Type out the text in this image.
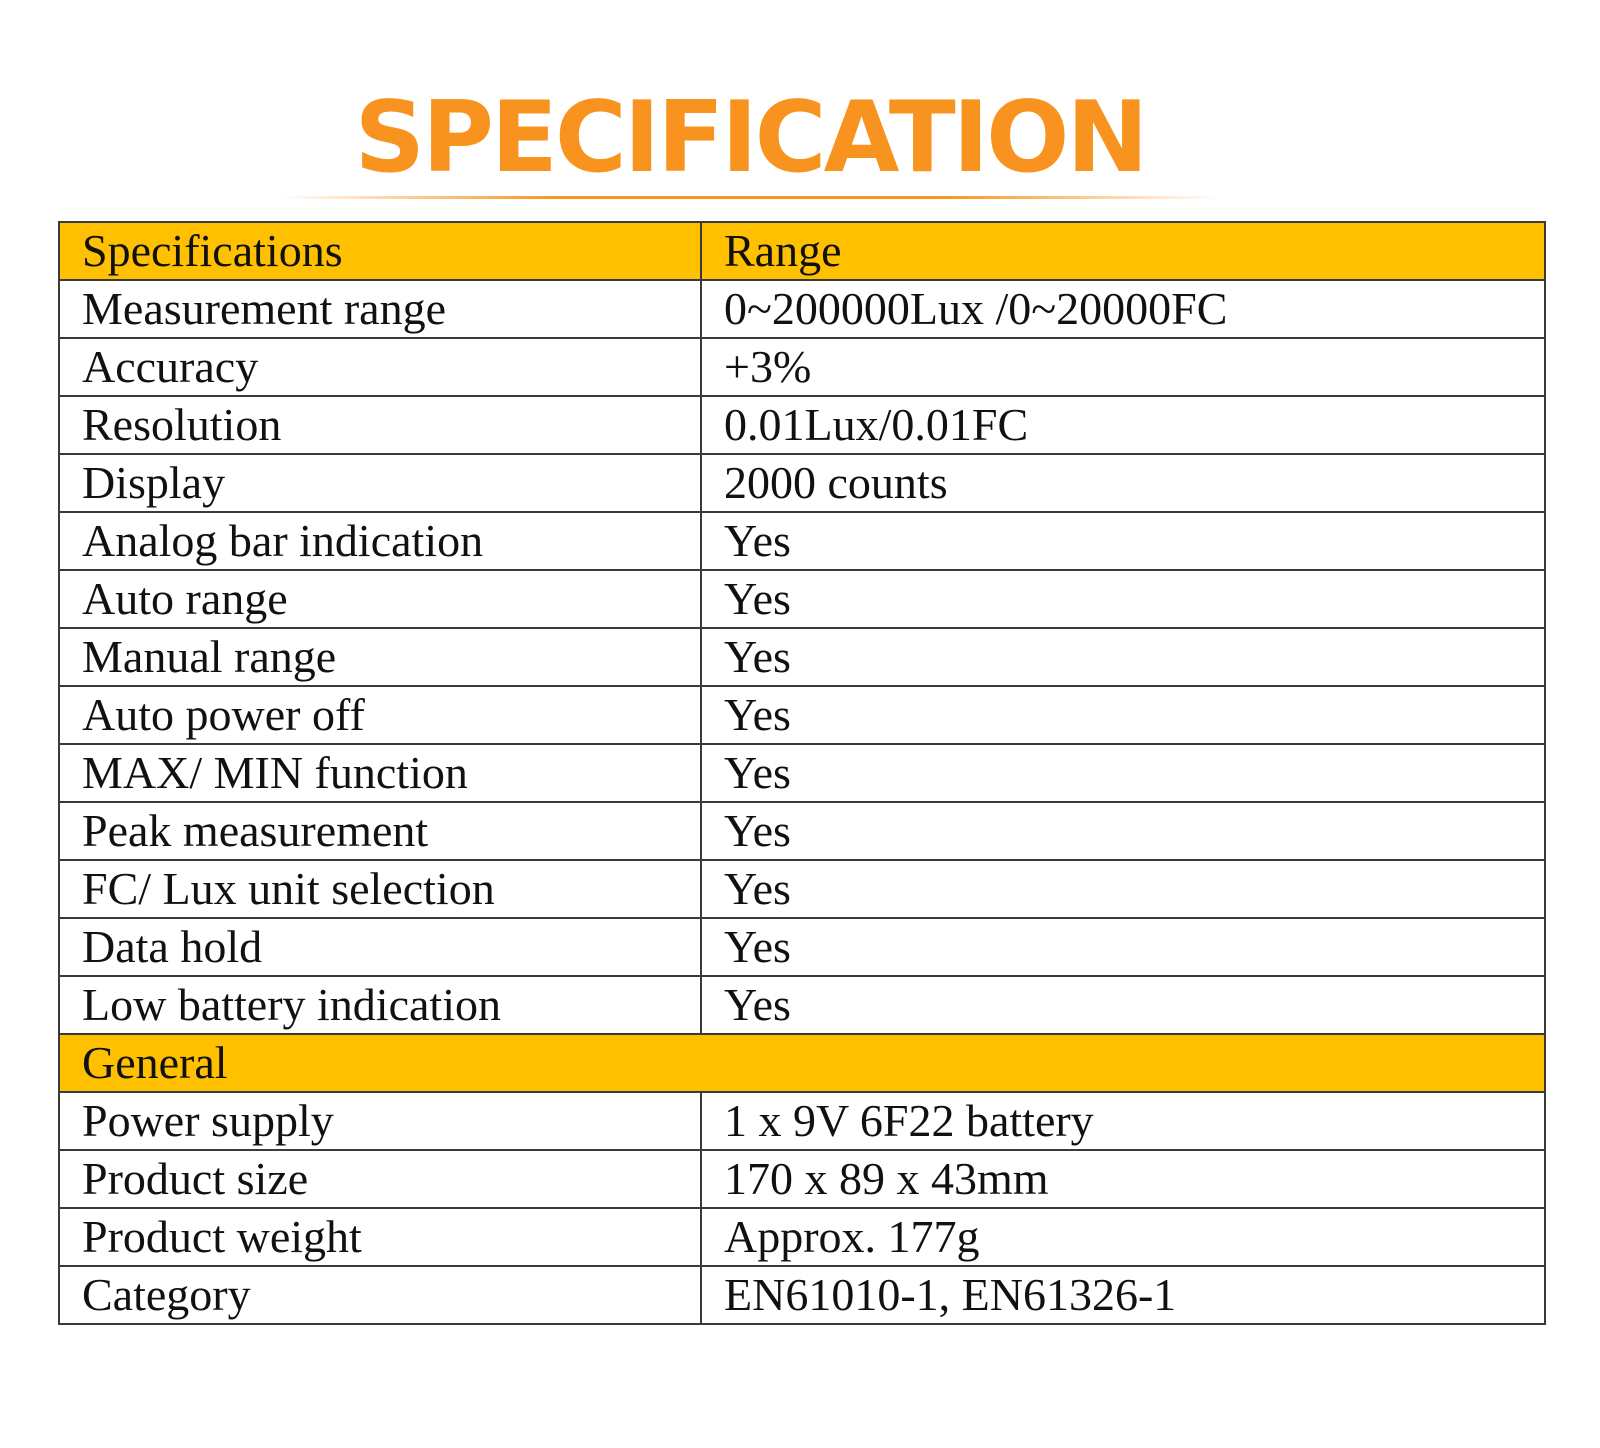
SPECIFICATION
Specifications	Range
Measurement range	0~200000Lux /0~20000FC
Accuracy	+3%
Resolution	0.01Lux/0.01FC
Display	2000 counts
Analog bar indication	Yes
Auto range	Yes
Manual range	Yes
Auto power off	Yes
MAX/ MIN function	Yes
Peak measurement	Yes
FC/ Lux unit selection	Yes
Data hold	Yes
Low battery indication	Yes
General	
Power supply	1 x 9V 6F22 battery
Product size	170 x 89 x 43mm
Product weight	Approx. 177g
Category	EN61010-1, EN61326-1
